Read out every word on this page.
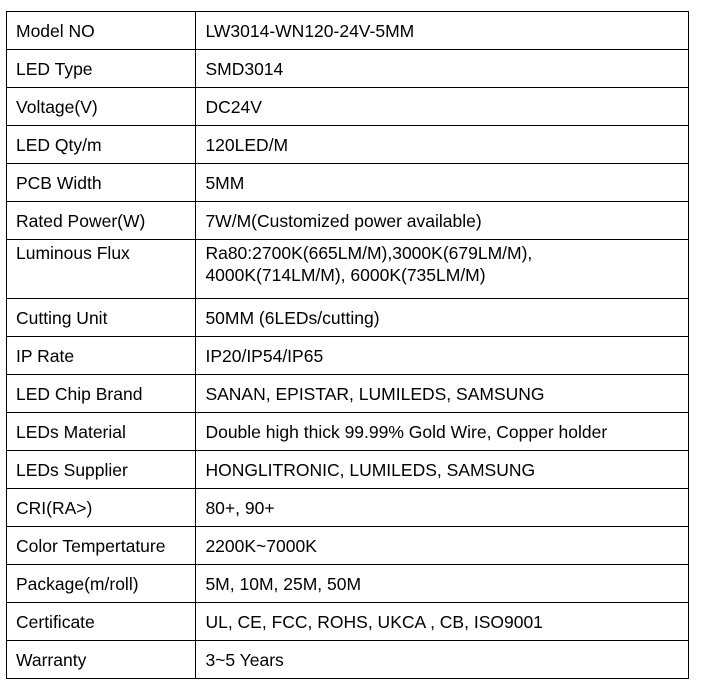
Model NO	LW3014-WN120-24V-5MM
LED Type	SMD3014
Voltage(V)	DC24V
LED Qty/m	120LED/M
PCB Width	5MM
Rated Power(W)	7W/M(Customized power available)
Luminous Flux	Ra80:2700K(665LM/M),3000K(679LM/M),
4000K(714LM/M), 6000K(735LM/M)
Cutting Unit	50MM (6LEDs/cutting)
IP Rate	IP20/IP54/IP65
LED Chip Brand	SANAN, EPISTAR, LUMILEDS, SAMSUNG
LEDs Material	Double high thick 99.99% Gold Wire, Copper holder
LEDs Supplier	HONGLITRONIC, LUMILEDS, SAMSUNG
CRI(RA>)	80+, 90+
Color Tempertature	2200K~7000K
Package(m/roll)	5M, 10M, 25M, 50M
Certificate	UL, CE, FCC, ROHS, UKCA , CB, ISO9001
Warranty	3~5 Years
